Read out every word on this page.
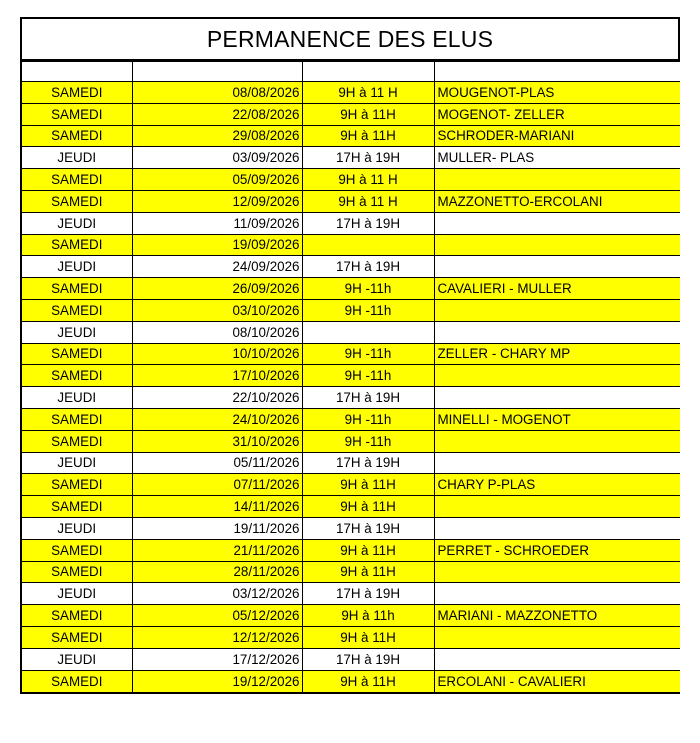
PERMANENCE DES ELUS

SAMEDI	08/08/2026	9H à 11 H	MOUGENOT-PLAS
SAMEDI	22/08/2026	9H à 11H	MOGENOT- ZELLER
SAMEDI	29/08/2026	9H à 11H	SCHRODER-MARIANI
JEUDI	03/09/2026	17H à 19H	MULLER- PLAS
SAMEDI	05/09/2026	9H à 11 H	
SAMEDI	12/09/2026	9H à 11 H	MAZZONETTO-ERCOLANI
JEUDI	11/09/2026	17H à 19H	
SAMEDI	19/09/2026		
JEUDI	24/09/2026	17H à 19H	
SAMEDI	26/09/2026	9H -11h	CAVALIERI - MULLER
SAMEDI	03/10/2026	9H -11h	
JEUDI	08/10/2026		
SAMEDI	10/10/2026	9H -11h	ZELLER - CHARY MP
SAMEDI	17/10/2026	9H -11h	
JEUDI	22/10/2026	17H à 19H	
SAMEDI	24/10/2026	9H -11h	MINELLI - MOGENOT
SAMEDI	31/10/2026	9H -11h	
JEUDI	05/11/2026	17H à 19H	
SAMEDI	07/11/2026	9H à 11H	CHARY P-PLAS
SAMEDI	14/11/2026	9H à 11H	
JEUDI	19/11/2026	17H à 19H	
SAMEDI	21/11/2026	9H à 11H	PERRET - SCHROEDER
SAMEDI	28/11/2026	9H à 11H	
JEUDI	03/12/2026	17H à 19H	
SAMEDI	05/12/2026	9H à 11h	MARIANI - MAZZONETTO
SAMEDI	12/12/2026	9H à 11H	
JEUDI	17/12/2026	17H à 19H	
SAMEDI	19/12/2026	9H à 11H	ERCOLANI - CAVALIERI
